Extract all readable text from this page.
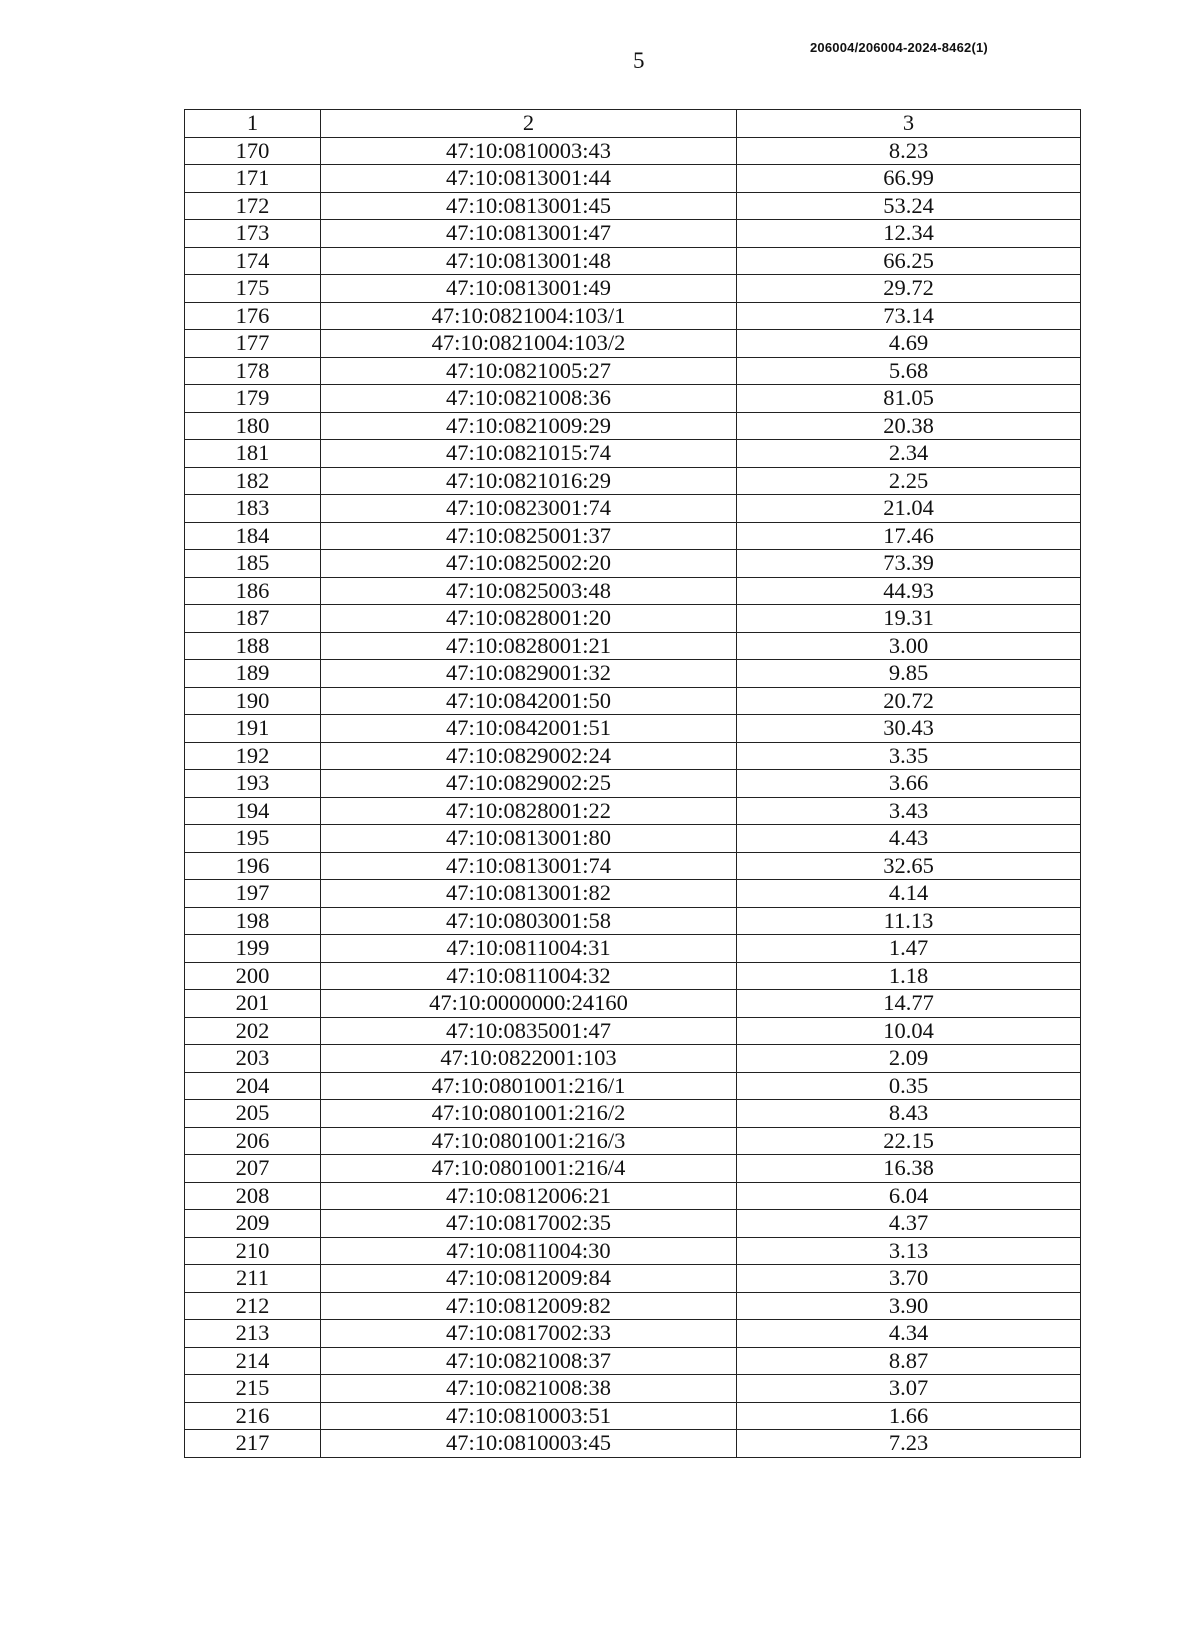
5
206004/206004-2024-8462(1)
1	2	3
170	47:10:0810003:43	8.23
171	47:10:0813001:44	66.99
172	47:10:0813001:45	53.24
173	47:10:0813001:47	12.34
174	47:10:0813001:48	66.25
175	47:10:0813001:49	29.72
176	47:10:0821004:103/1	73.14
177	47:10:0821004:103/2	4.69
178	47:10:0821005:27	5.68
179	47:10:0821008:36	81.05
180	47:10:0821009:29	20.38
181	47:10:0821015:74	2.34
182	47:10:0821016:29	2.25
183	47:10:0823001:74	21.04
184	47:10:0825001:37	17.46
185	47:10:0825002:20	73.39
186	47:10:0825003:48	44.93
187	47:10:0828001:20	19.31
188	47:10:0828001:21	3.00
189	47:10:0829001:32	9.85
190	47:10:0842001:50	20.72
191	47:10:0842001:51	30.43
192	47:10:0829002:24	3.35
193	47:10:0829002:25	3.66
194	47:10:0828001:22	3.43
195	47:10:0813001:80	4.43
196	47:10:0813001:74	32.65
197	47:10:0813001:82	4.14
198	47:10:0803001:58	11.13
199	47:10:0811004:31	1.47
200	47:10:0811004:32	1.18
201	47:10:0000000:24160	14.77
202	47:10:0835001:47	10.04
203	47:10:0822001:103	2.09
204	47:10:0801001:216/1	0.35
205	47:10:0801001:216/2	8.43
206	47:10:0801001:216/3	22.15
207	47:10:0801001:216/4	16.38
208	47:10:0812006:21	6.04
209	47:10:0817002:35	4.37
210	47:10:0811004:30	3.13
211	47:10:0812009:84	3.70
212	47:10:0812009:82	3.90
213	47:10:0817002:33	4.34
214	47:10:0821008:37	8.87
215	47:10:0821008:38	3.07
216	47:10:0810003:51	1.66
217	47:10:0810003:45	7.23
